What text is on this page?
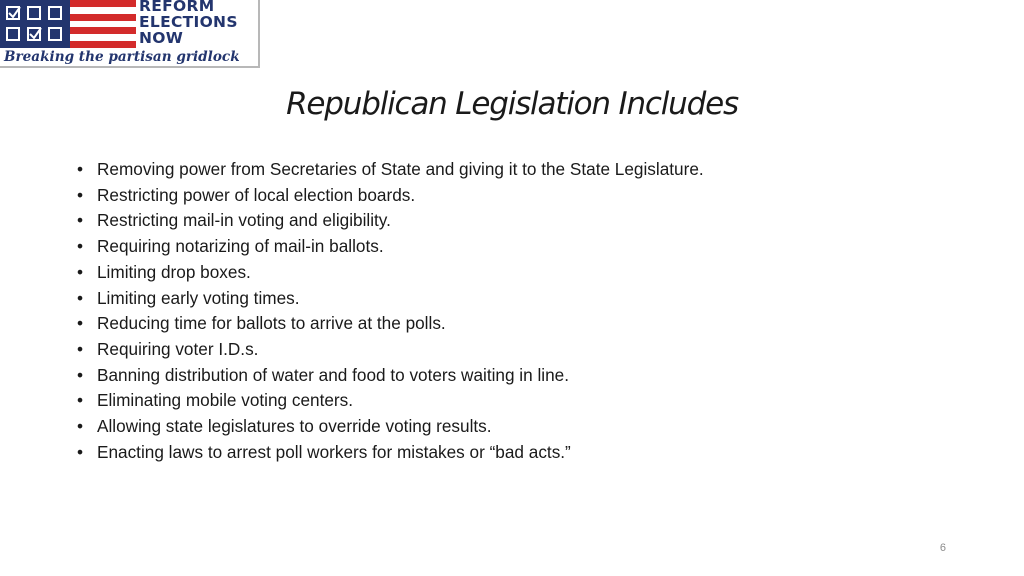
REFORM
ELECTIONS
NOW
Breaking the partisan gridlock
Republican Legislation Includes
• Removing power from Secretaries of State and giving it to the State Legislature.
• Restricting power of local election boards.
• Restricting mail-in voting and eligibility.
• Requiring notarizing of mail-in ballots.
• Limiting drop boxes.
• Limiting early voting times.
• Reducing time for ballots to arrive at the polls.
• Requiring voter I.D.s.
• Banning distribution of water and food to voters waiting in line.
• Eliminating mobile voting centers.
• Allowing state legislatures to override voting results.
• Enacting laws to arrest poll workers for mistakes or “bad acts.”
6
